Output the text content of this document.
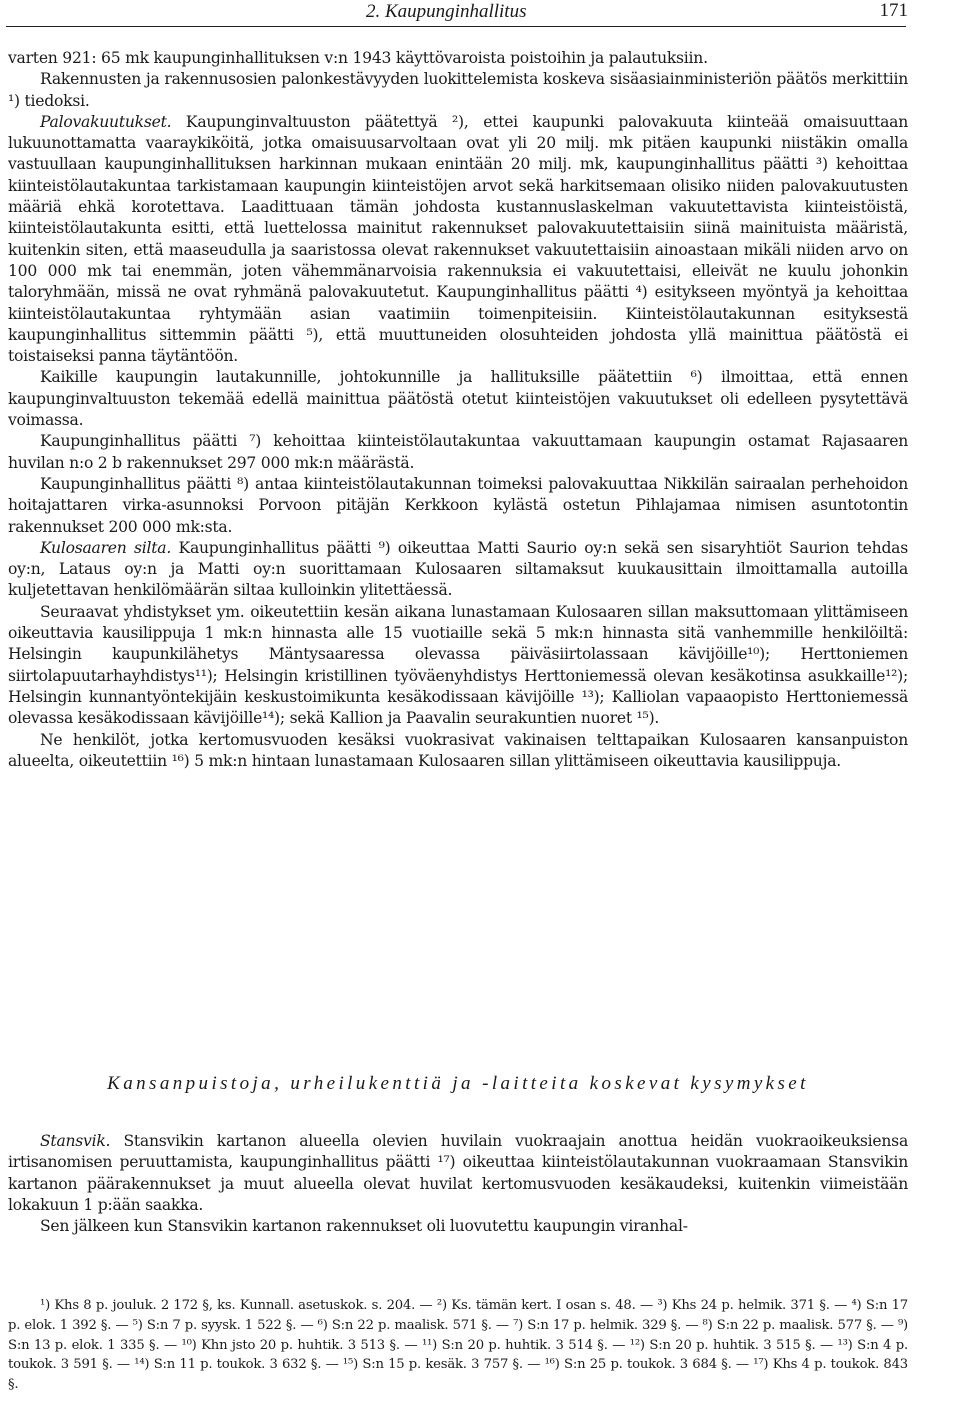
2. Kaupunginhallitus	171

varten 921: 65 mk kaupunginhallituksen v:n 1943 käyttövaroista poistoihin ja palautuksiin.

Rakennusten ja rakennusosien palonkestävyyden luokittelemista koskeva sisäasiainministeriön päätös merkittiin ¹) tiedoksi.

Palovakuutukset. Kaupunginvaltuuston päätettyä ²), ettei kaupunki palovakuuta kiinteää omaisuuttaan lukuunottamatta vaaraykiköitä, jotka omaisuusarvoltaan ovat yli 20 milj. mk pitäen kaupunki niistäkin omalla vastuullaan kaupunginhallituksen harkinnan mukaan enintään 20 milj. mk, kaupunginhallitus päätti ³) kehoittaa kiinteistölautakuntaa tarkistamaan kaupungin kiinteistöjen arvot sekä harkitsemaan olisiko niiden palovakuutusten määriä ehkä korotettava. Laadittuaan tämän johdosta kustannuslaskelman vakuutettavista kiinteistöistä, kiinteistölautakunta esitti, että luettelossa mainitut rakennukset palovakuutettaisiin siinä mainituista määristä, kuitenkin siten, että maaseudulla ja saaristossa olevat rakennukset vakuutettaisiin ainoastaan mikäli niiden arvo on 100 000 mk tai enemmän, joten vähemmänarvoisia rakennuksia ei vakuutettaisi, elleivät ne kuulu johonkin taloryhmään, missä ne ovat ryhmänä palovakuutetut. Kaupunginhallitus päätti ⁴) esitykseen myöntyä ja kehoittaa kiinteistölautakuntaa ryhtymään asian vaatimiin toimenpiteisiin. Kiinteistölautakunnan esityksestä kaupunginhallitus sittemmin päätti ⁵), että muuttuneiden olosuhteiden johdosta yllä mainittua päätöstä ei toistaiseksi panna täytäntöön.

Kaikille kaupungin lautakunnille, johtokunnille ja hallituksille päätettiin ⁶) ilmoittaa, että ennen kaupunginvaltuuston tekemää edellä mainittua päätöstä otetut kiinteistöjen vakuutukset oli edelleen pysytettävä voimassa.

Kaupunginhallitus päätti ⁷) kehoittaa kiinteistölautakuntaa vakuuttamaan kaupungin ostamat Rajasaaren huvilan n:o 2 b rakennukset 297 000 mk:n määrästä.

Kaupunginhallitus päätti ⁸) antaa kiinteistölautakunnan toimeksi palovakuuttaa Nikkilän sairaalan perhehoidon hoitajattaren virka-asunnoksi Porvoon pitäjän Kerkkoon kylästä ostetun Pihlajamaa nimisen asuntotontin rakennukset 200 000 mk:sta.

Kulosaaren silta. Kaupunginhallitus päätti ⁹) oikeuttaa Matti Saurio oy:n sekä sen sisaryhtiöt Saurion tehdas oy:n, Lataus oy:n ja Matti oy:n suorittamaan Kulosaaren siltamaksut kuukausittain ilmoittamalla autoilla kuljetettavan henkilömäärän siltaa kulloinkin ylitettäessä.

Seuraavat yhdistykset ym. oikeutettiin kesän aikana lunastamaan Kulosaaren sillan maksuttomaan ylittämiseen oikeuttavia kausilippuja 1 mk:n hinnasta alle 15 vuotiaille sekä 5 mk:n hinnasta sitä vanhemmille henkilöiltä: Helsingin kaupunkilähetys Mäntysaaressa olevassa päiväsiirtolassaan kävijöille¹⁰); Herttoniemen siirtolapuutarhayhdistys¹¹); Helsingin kristillinen työväenyhdistys Herttoniemessä olevan kesäkotinsa asukkaille¹²); Helsingin kunnantyöntekijäin keskustoimikunta kesäkodissaan kävijöille ¹³); Kalliolan vapaaopisto Herttoniemessä olevassa kesäkodissaan kävijöille¹⁴); sekä Kallion ja Paavalin seurakuntien nuoret ¹⁵).

Ne henkilöt, jotka kertomusvuoden kesäksi vuokrasivat vakinaisen telttapaikan Kulosaaren kansanpuiston alueelta, oikeutettiin ¹⁶) 5 mk:n hintaan lunastamaan Kulosaaren sillan ylittämiseen oikeuttavia kausilippuja.

Kansanpuistoja, urheilukenttiä ja -laitteita koskevat kysymykset

Stansvik. Stansvikin kartanon alueella olevien huvilain vuokraajain anottua heidän vuokraoikeuksiensa irtisanomisen peruuttamista, kaupunginhallitus päätti ¹⁷) oikeuttaa kiinteistölautakunnan vuokraamaan Stansvikin kartanon päärakennukset ja muut alueella olevat huvilat kertomusvuoden kesäkaudeksi, kuitenkin viimeistään lokakuun 1 p:ään saakka.

Sen jälkeen kun Stansvikin kartanon rakennukset oli luovutettu kaupungin viranhal-

¹) Khs 8 p. jouluk. 2 172 §, ks. Kunnall. asetuskok. s. 204. — ²) Ks. tämän kert. I osan s. 48. — ³) Khs 24 p. helmik. 371 §. — ⁴) S:n 17 p. elok. 1 392 §. — ⁵) S:n 7 p. syysk. 1 522 §. — ⁶) S:n 22 p. maalisk. 571 §. — ⁷) S:n 17 p. helmik. 329 §. — ⁸) S:n 22 p. maalisk. 577 §. — ⁹) S:n 13 p. elok. 1 335 §. — ¹⁰) Khn jsto 20 p. huhtik. 3 513 §. — ¹¹) S:n 20 p. huhtik. 3 514 §. — ¹²) S:n 20 p. huhtik. 3 515 §. — ¹³) S:n 4 p. toukok. 3 591 §. — ¹⁴) S:n 11 p. toukok. 3 632 §. — ¹⁵) S:n 15 p. kesäk. 3 757 §. — ¹⁶) S:n 25 p. toukok. 3 684 §. — ¹⁷) Khs 4 p. toukok. 843 §.
